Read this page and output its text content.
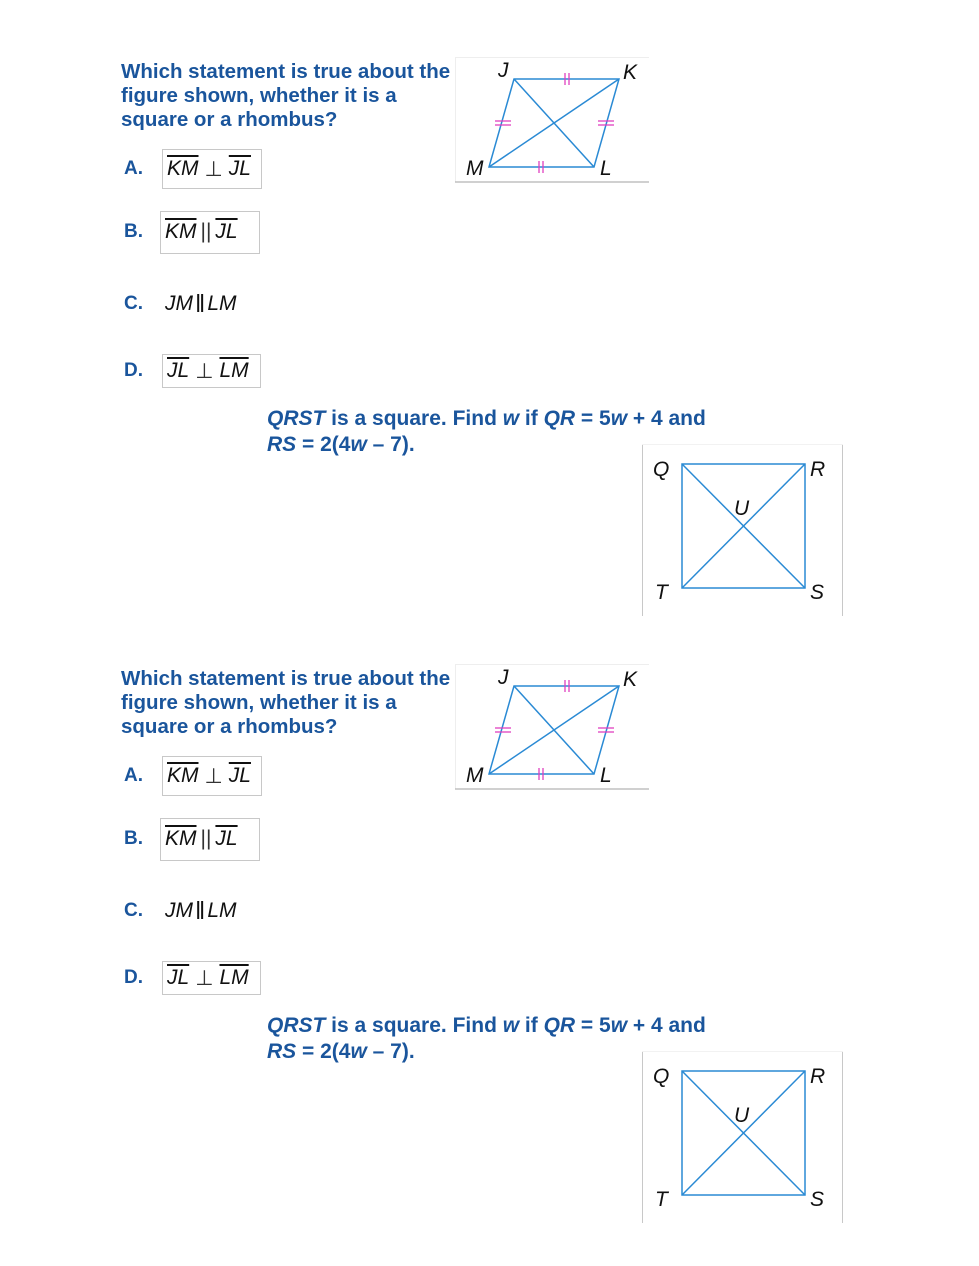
Which statement is true about the figure shown, whether it is a square or a rhombus?
A.	$\overline{KM}$ ⊥ $\overline{JL}$
B.	$\overline{KM}$ || $\overline{JL}$
C.	JM ‖ LM
D.	$\overline{JL}$ ⊥ $\overline{LM}$
J	K
L
M
QRST is a square. Find w if QR = 5w + 4 and
RS = 2(4w – 7).
Q	R
S
T
U
Which statement is true about the figure shown, whether it is a square or a rhombus?
A.	$\overline{KM}$ ⊥ $\overline{JL}$
B.	$\overline{KM}$ || $\overline{JL}$
C.	JM ‖ LM
D.	$\overline{JL}$ ⊥ $\overline{LM}$
J	K
L
M
QRST is a square. Find w if QR = 5w + 4 and
RS = 2(4w – 7).
Q	R
S
T
U
